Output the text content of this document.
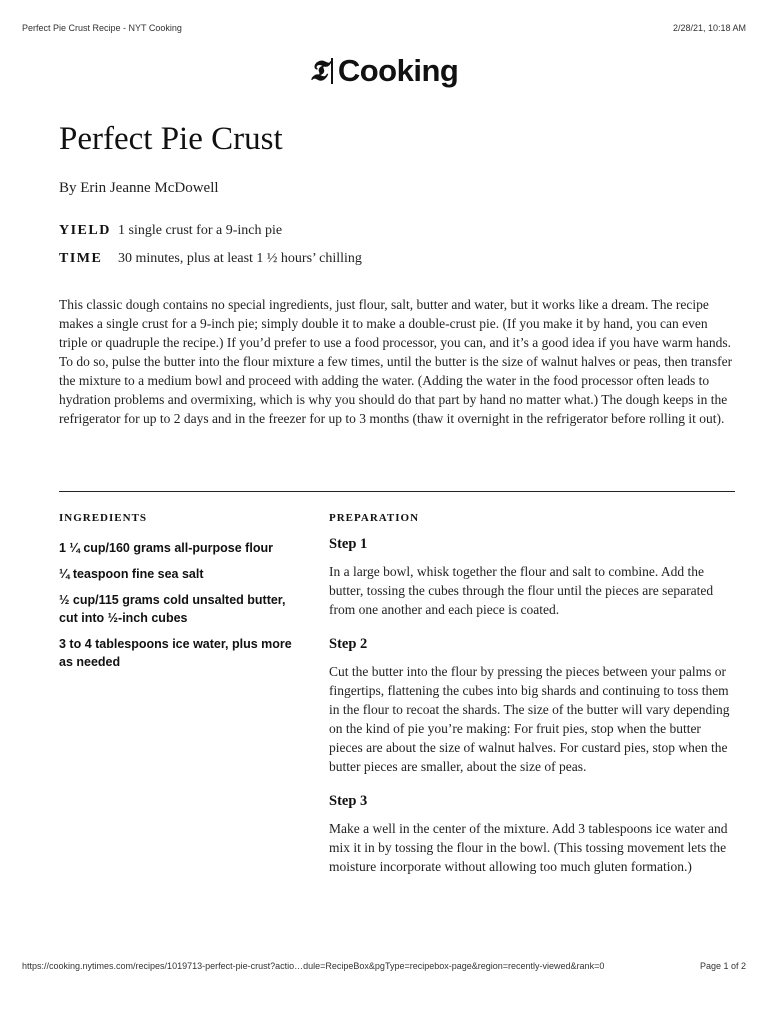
Perfect Pie Crust Recipe - NYT Cooking	2/28/21, 10:18 AM
𝕿 Cooking
Perfect Pie Crust
By Erin Jeanne McDowell
YIELD 1 single crust for a 9-inch pie
TIME	30 minutes, plus at least 1 ½ hours’ chilling

This classic dough contains no special ingredients, just flour, salt, butter and water, but it works like a dream. The recipe makes a single crust for a 9-inch pie; simply double it to make a double-crust pie. (If you make it by hand, you can even triple or quadruple the recipe.) If you’d prefer to use a food processor, you can, and it’s a good idea if you have warm hands. To do so, pulse the butter into the flour mixture a few times, until the butter is the size of walnut halves or peas, then transfer the mixture to a medium bowl and proceed with adding the water. (Adding the water in the food processor often leads to hydration problems and overmixing, which is why you should do that part by hand no matter what.) The dough keeps in the refrigerator for up to 2 days and in the freezer for up to 3 months (thaw it overnight in the refrigerator before rolling it out).

INGREDIENTS	PREPARATION
1 ¼ cup/160 grams all-purpose flour
¼ teaspoon fine sea salt
½ cup/115 grams cold unsalted butter, cut into ½-inch cubes
3 to 4 tablespoons ice water, plus more as needed
Step 1

In a large bowl, whisk together the flour and salt to combine. Add the butter, tossing the cubes through the flour until the pieces are separated from one another and each piece is coated.

Step 2

Cut the butter into the flour by pressing the pieces between your palms or fingertips, flattening the cubes into big shards and continuing to toss them in the flour to recoat the shards. The size of the butter will vary depending on the kind of pie you’re making: For fruit pies, stop when the butter pieces are about the size of walnut halves. For custard pies, stop when the butter pieces are smaller, about the size of peas.

Step 3

Make a well in the center of the mixture. Add 3 tablespoons ice water and mix it in by tossing the flour in the bowl. (This tossing movement lets the moisture incorporate without allowing too much gluten formation.)

https://cooking.nytimes.com/recipes/1019713-perfect-pie-crust?actio…dule=RecipeBox&pgType=recipebox-page&region=recently-viewed&rank=0	Page 1 of 2
